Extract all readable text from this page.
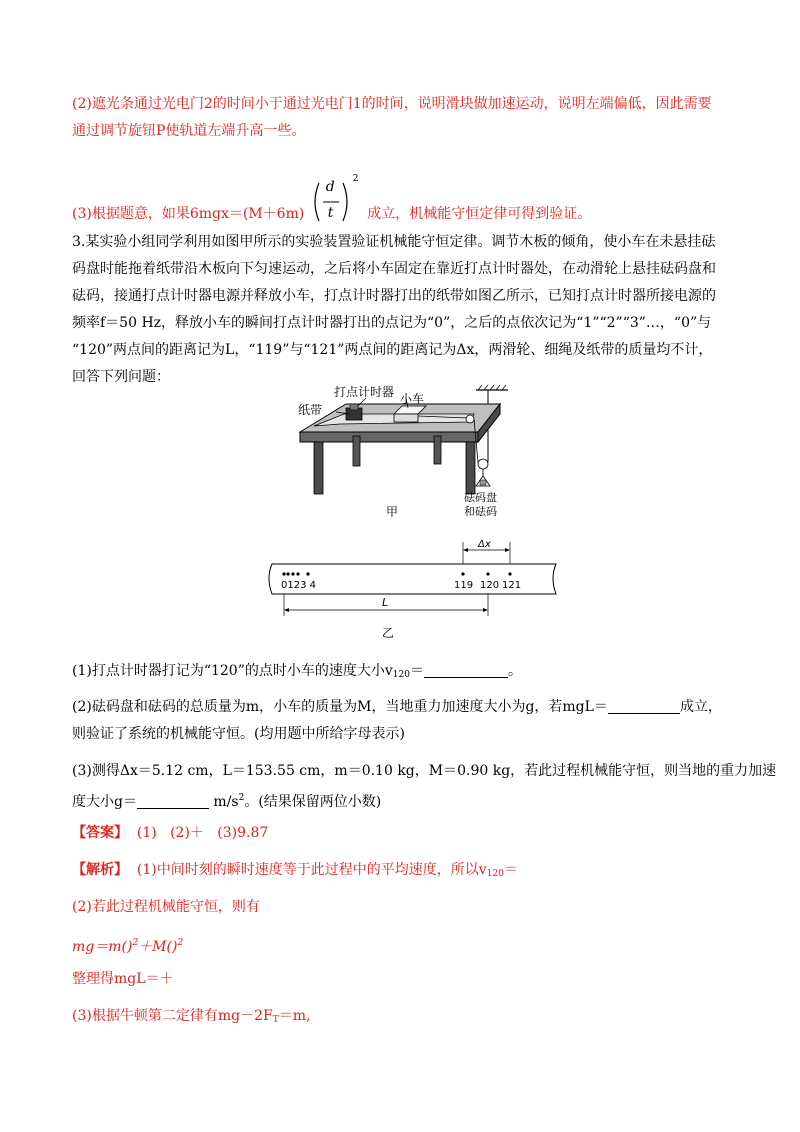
(2)遮光条通过光电门2的时间小于通过光电门1的时间，说明滑块做加速运动，说明左端偏低，因此需要
通过调节旋钮P使轨道左端升高一些。
(3)根据题意，如果6mgx＝(M＋6m)
d
t
2
成立，机械能守恒定律可得到验证。
3.某实验小组同学利用如图甲所示的实验装置验证机械能守恒定律。调节木板的倾角，使小车在未悬挂砝
码盘时能拖着纸带沿木板向下匀速运动，之后将小车固定在靠近打点计时器处，在动滑轮上悬挂砝码盘和
砝码，接通打点计时器电源并释放小车，打点计时器打出的纸带如图乙所示，已知打点计时器所接电源的
频率f＝50 Hz，释放小车的瞬间打点计时器打出的点记为“0”，之后的点依次记为“1”“2”“3”…，“0”与
“120”两点间的距离记为L，“119”与“121”两点间的距离记为Δx，两滑轮、细绳及纸带的质量均不计，
回答下列问题：
打点计时器 小车
纸带
砝码盘
和砝码
甲
Δx
0123 4	119 120 121
L
乙
(1)打点计时器打记为“120”的点时小车的速度大小$v_{120}=$	。
(2)砝码盘和砝码的总质量为m，小车的质量为M，当地重力加速度大小为g，若mgL＝	成立，
则验证了系统的机械能守恒。(均用题中所给字母表示)
(3)测得Δx＝5.12 cm，L＝153.55 cm，m＝0.10 kg，M＝0.90 kg，若此过程机械能守恒，则当地的重力加速
度大小g＝	$m/s^2$。(结果保留两位小数)
【答案】  (1)   (2)＋   (3)9.87
【解析】  (1)中间时刻的瞬时速度等于此过程中的平均速度，所以$v_{120}=$
(2)若此过程机械能守恒，则有
mg＝m()$^2$＋M()$^2$
整理得mgL＝＋
(3)根据牛顿第二定律有$mg-2F_T=m$,
